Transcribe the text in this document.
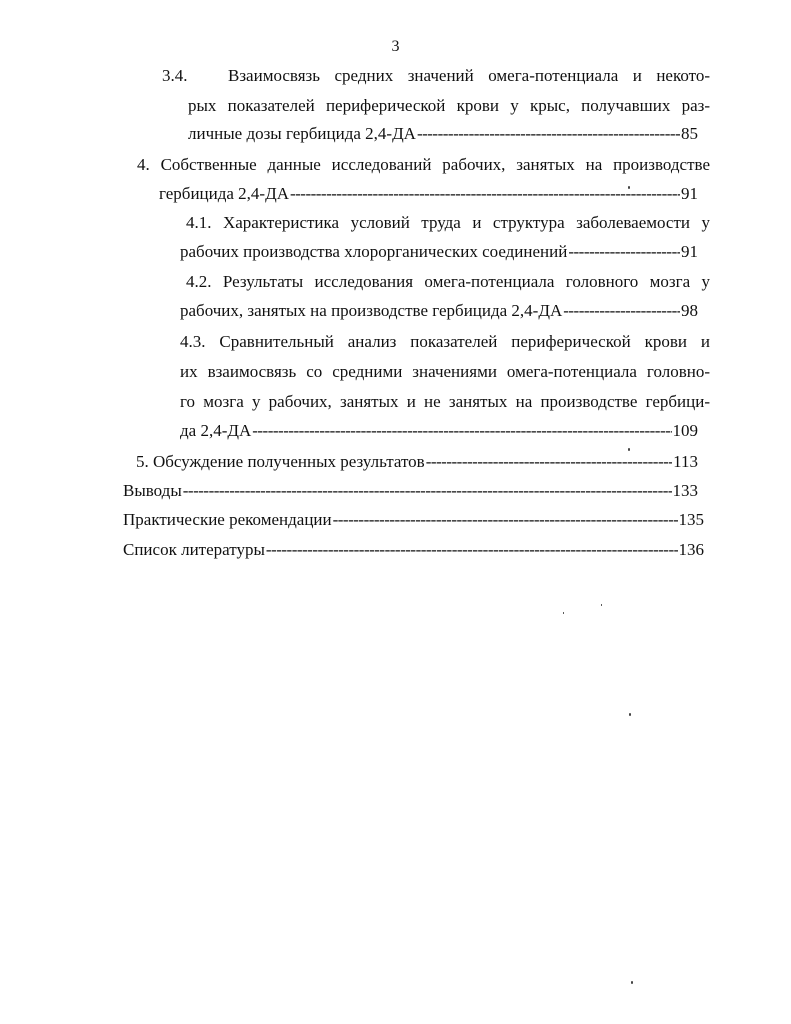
3
3.4. Взаимосвязь средних значений омега-потенциала и некото-
рых показателей периферической крови у крыс, получавших раз-
личные дозы гербицида 2,4-ДА -----	85
4. Собственные данные исследований рабочих, занятых на производстве
гербицида 2,4-ДА -----	91
4.1. Характеристика условий труда и структура заболеваемости у
рабочих производства хлорорганических соединений -----	91
4.2. Результаты исследования омега-потенциала головного мозга у
рабочих, занятых на производстве гербицида 2,4-ДА -----	98
4.3. Сравнительный анализ показателей периферической крови и
их взаимосвязь со средними значениями омега-потенциала головно-
го мозга у рабочих, занятых и не занятых на производстве гербици-
да 2,4-ДА -----	109
5. Обсуждение полученных результатов -----	113
Выводы -----	133
Практические рекомендации -----	135
Список литературы -----	136
